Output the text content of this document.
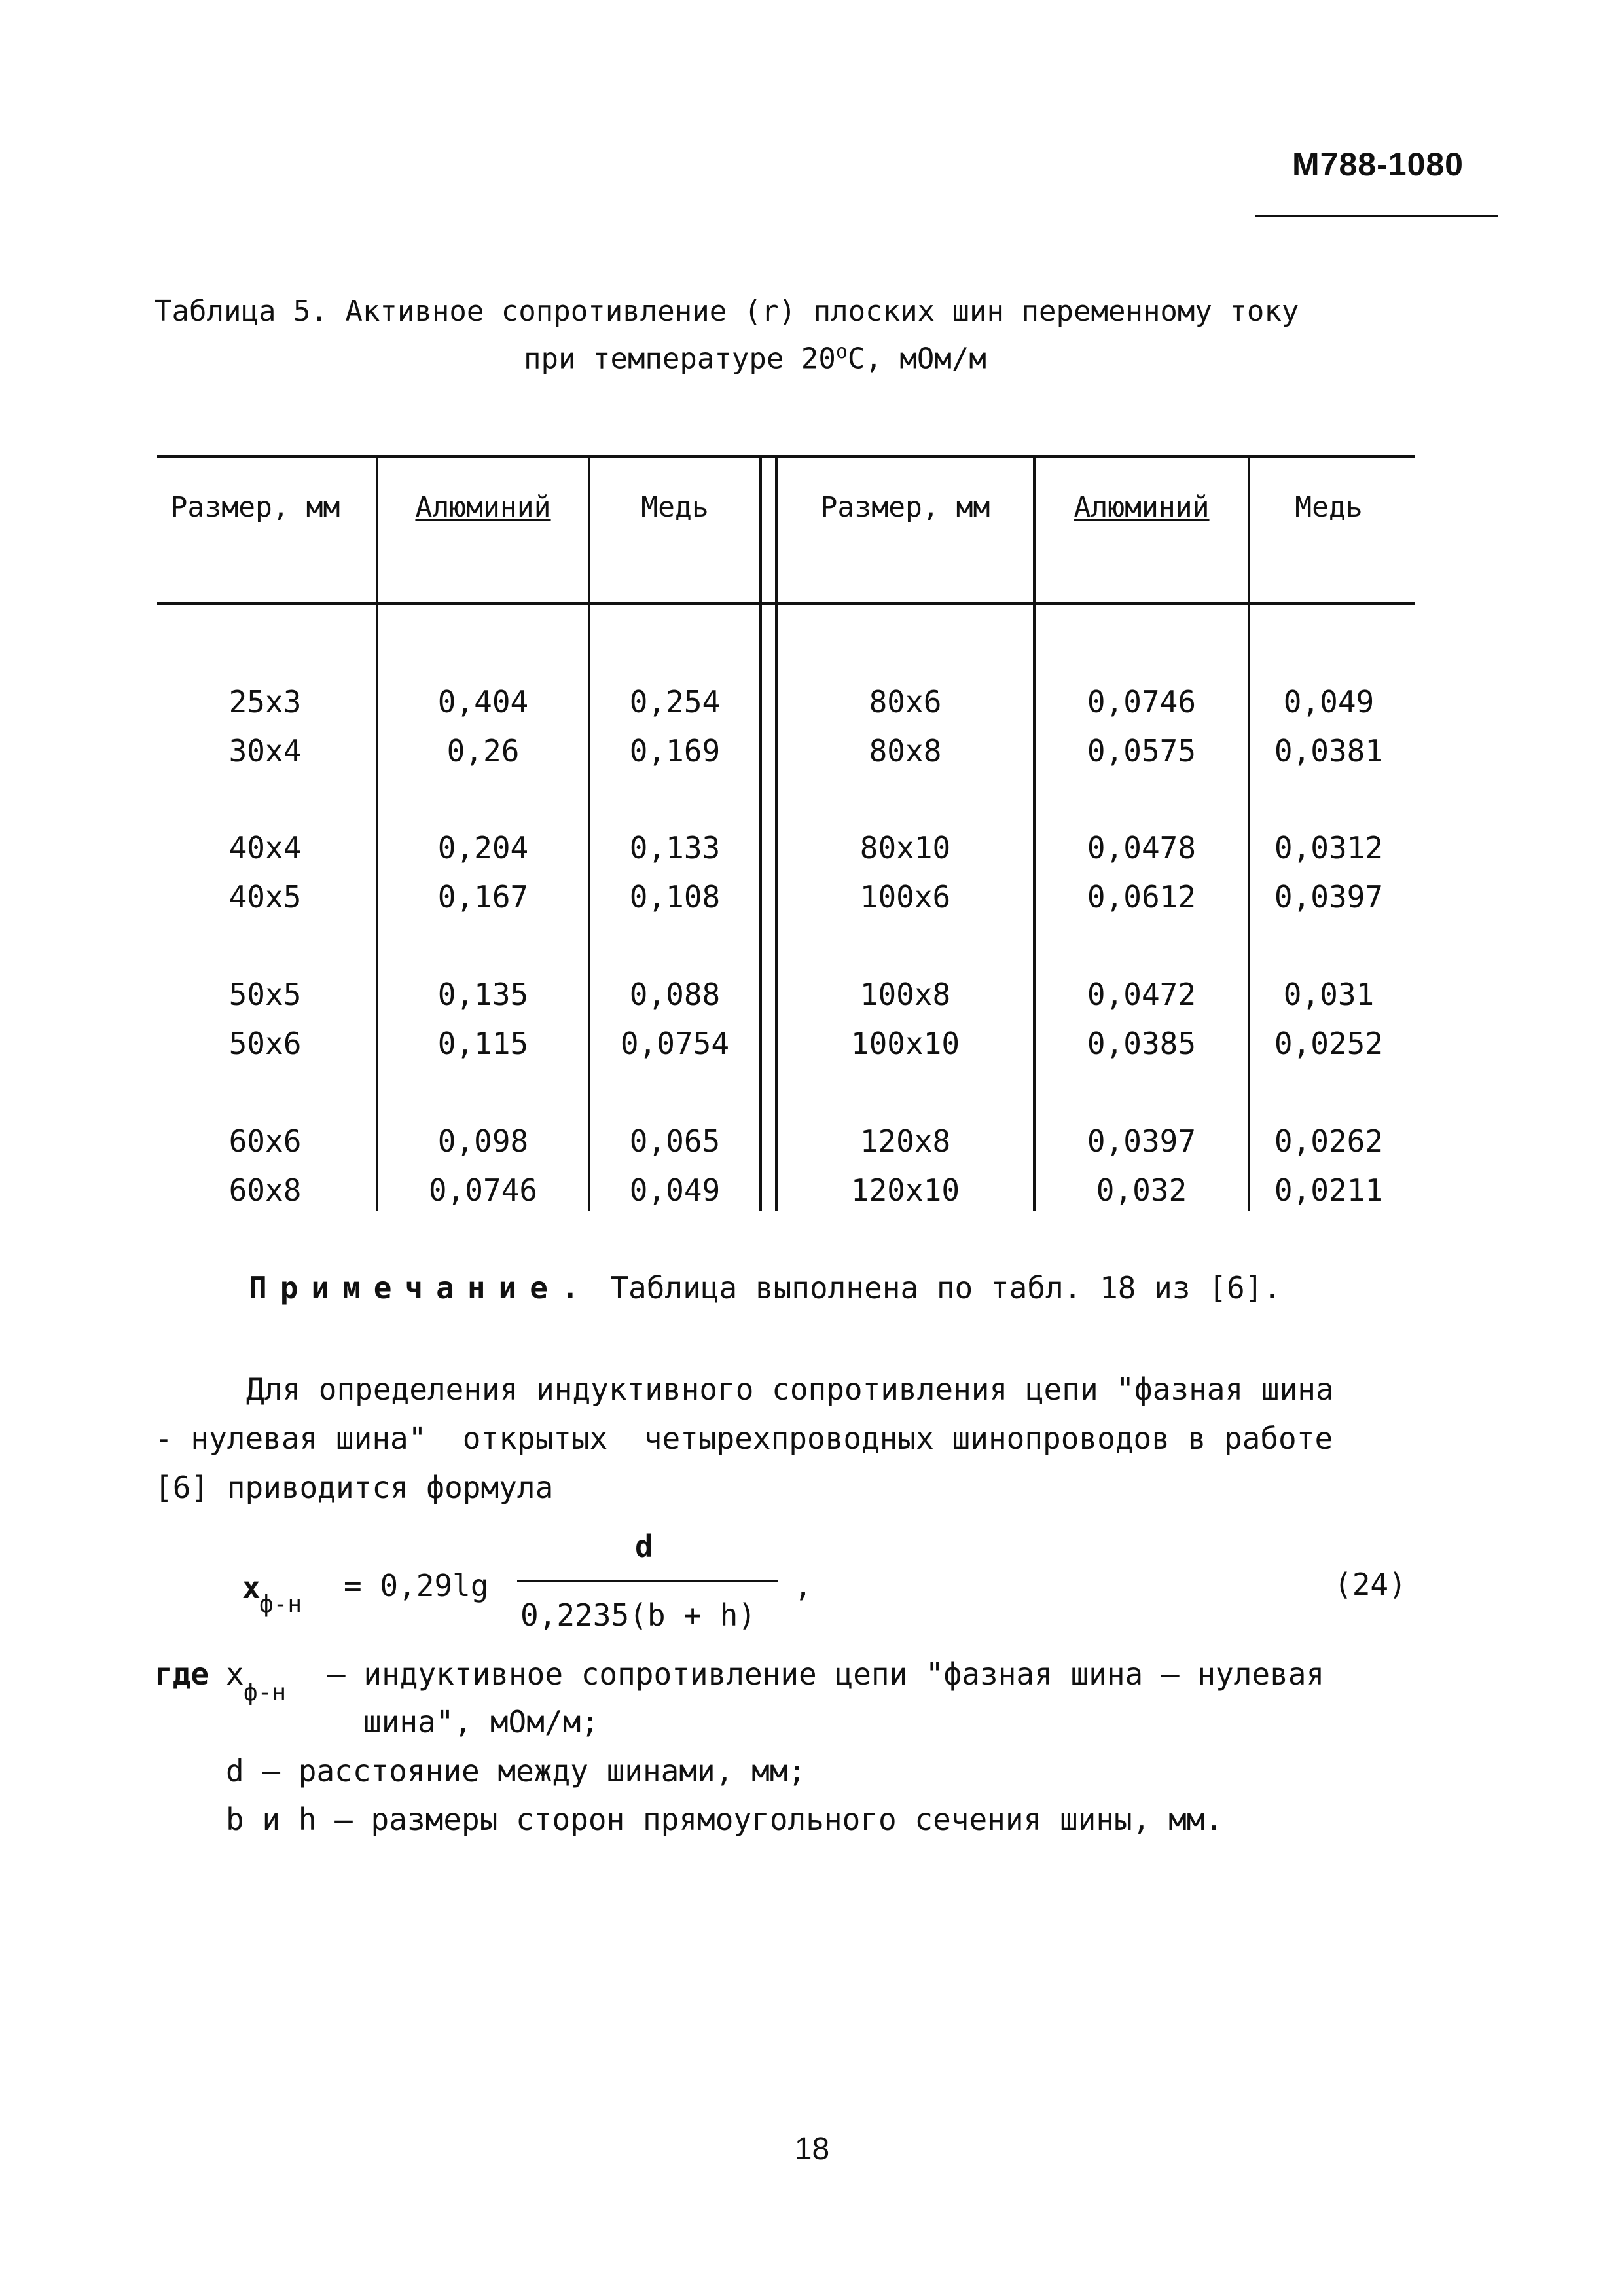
М788-1080
Таблица 5. Активное сопротивление (r) плоских шин переменному току
при температуре $20^оС$, мОм/м
Размер, мм	Алюминий	Медь	Размер, мм	Алюминий	Медь
25х3	0,404	0,254	80х6	0,0746	0,049
30х4	0,26	0,169	80х8	0,0575	0,0381
40х4	0,204	0,133	80х10	0,0478	0,0312
40х5	0,167	0,108	100х6	0,0612	0,0397
50х5	0,135	0,088	100х8	0,0472	0,031
50х6	0,115	0,0754	100х10	0,0385	0,0252
60х6	0,098	0,065	120х8	0,0397	0,0262
60х8	0,0746	0,049	120х10	0,032	0,0211
Примечание. Таблица выполнена по табл. 18 из [6].
Для определения индуктивного сопротивления цепи "фазная шина
- нулевая шина"  открытых  четырехпроводных шинопроводов в работе
[6] приводится формула
x
ф-н
= 0,29lg
d
0,2235(b + h)
,	(24)
где x
ф-н
– индуктивное сопротивление цепи "фазная шина – нулевая
шина", мОм/м;
d – расстояние между шинами, мм;
b и h – размеры сторон прямоугольного сечения шины, мм.
18
